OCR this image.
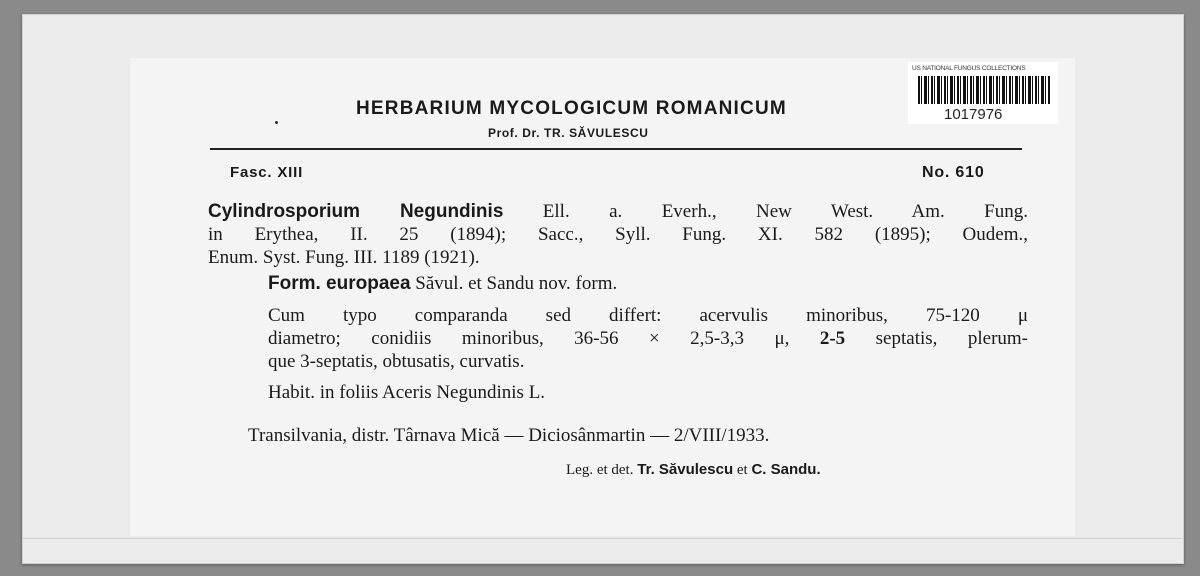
US NATIONAL FUNGUS COLLECTIONS
1017976
HERBARIUM MYCOLOGICUM ROMANICUM
Prof. Dr. TR. SĂVULESCU
Fasc. XIII	No. 610
Cylindrosporium Negundinis Ell. a. Everh., New West. Am. Fung.
in Erythea, II. 25 (1894); Sacc., Syll. Fung. XI. 582 (1895); Oudem.,
Enum. Syst. Fung. III. 1189 (1921).
Form. europaea Săvul. et Sandu nov. form.
Cum typo comparanda sed differt: acervulis minoribus, 75-120 μ
diametro; conidiis minoribus, 36-56 × 2,5-3,3 μ, 2-5 septatis, plerum-
que 3-septatis, obtusatis, curvatis.
Habit. in foliis Aceris Negundinis L.
Transilvania, distr. Târnava Mică — Diciosânmartin — 2/VIII/1933.
Leg. et det. Tr. Săvulescu et C. Sandu.
